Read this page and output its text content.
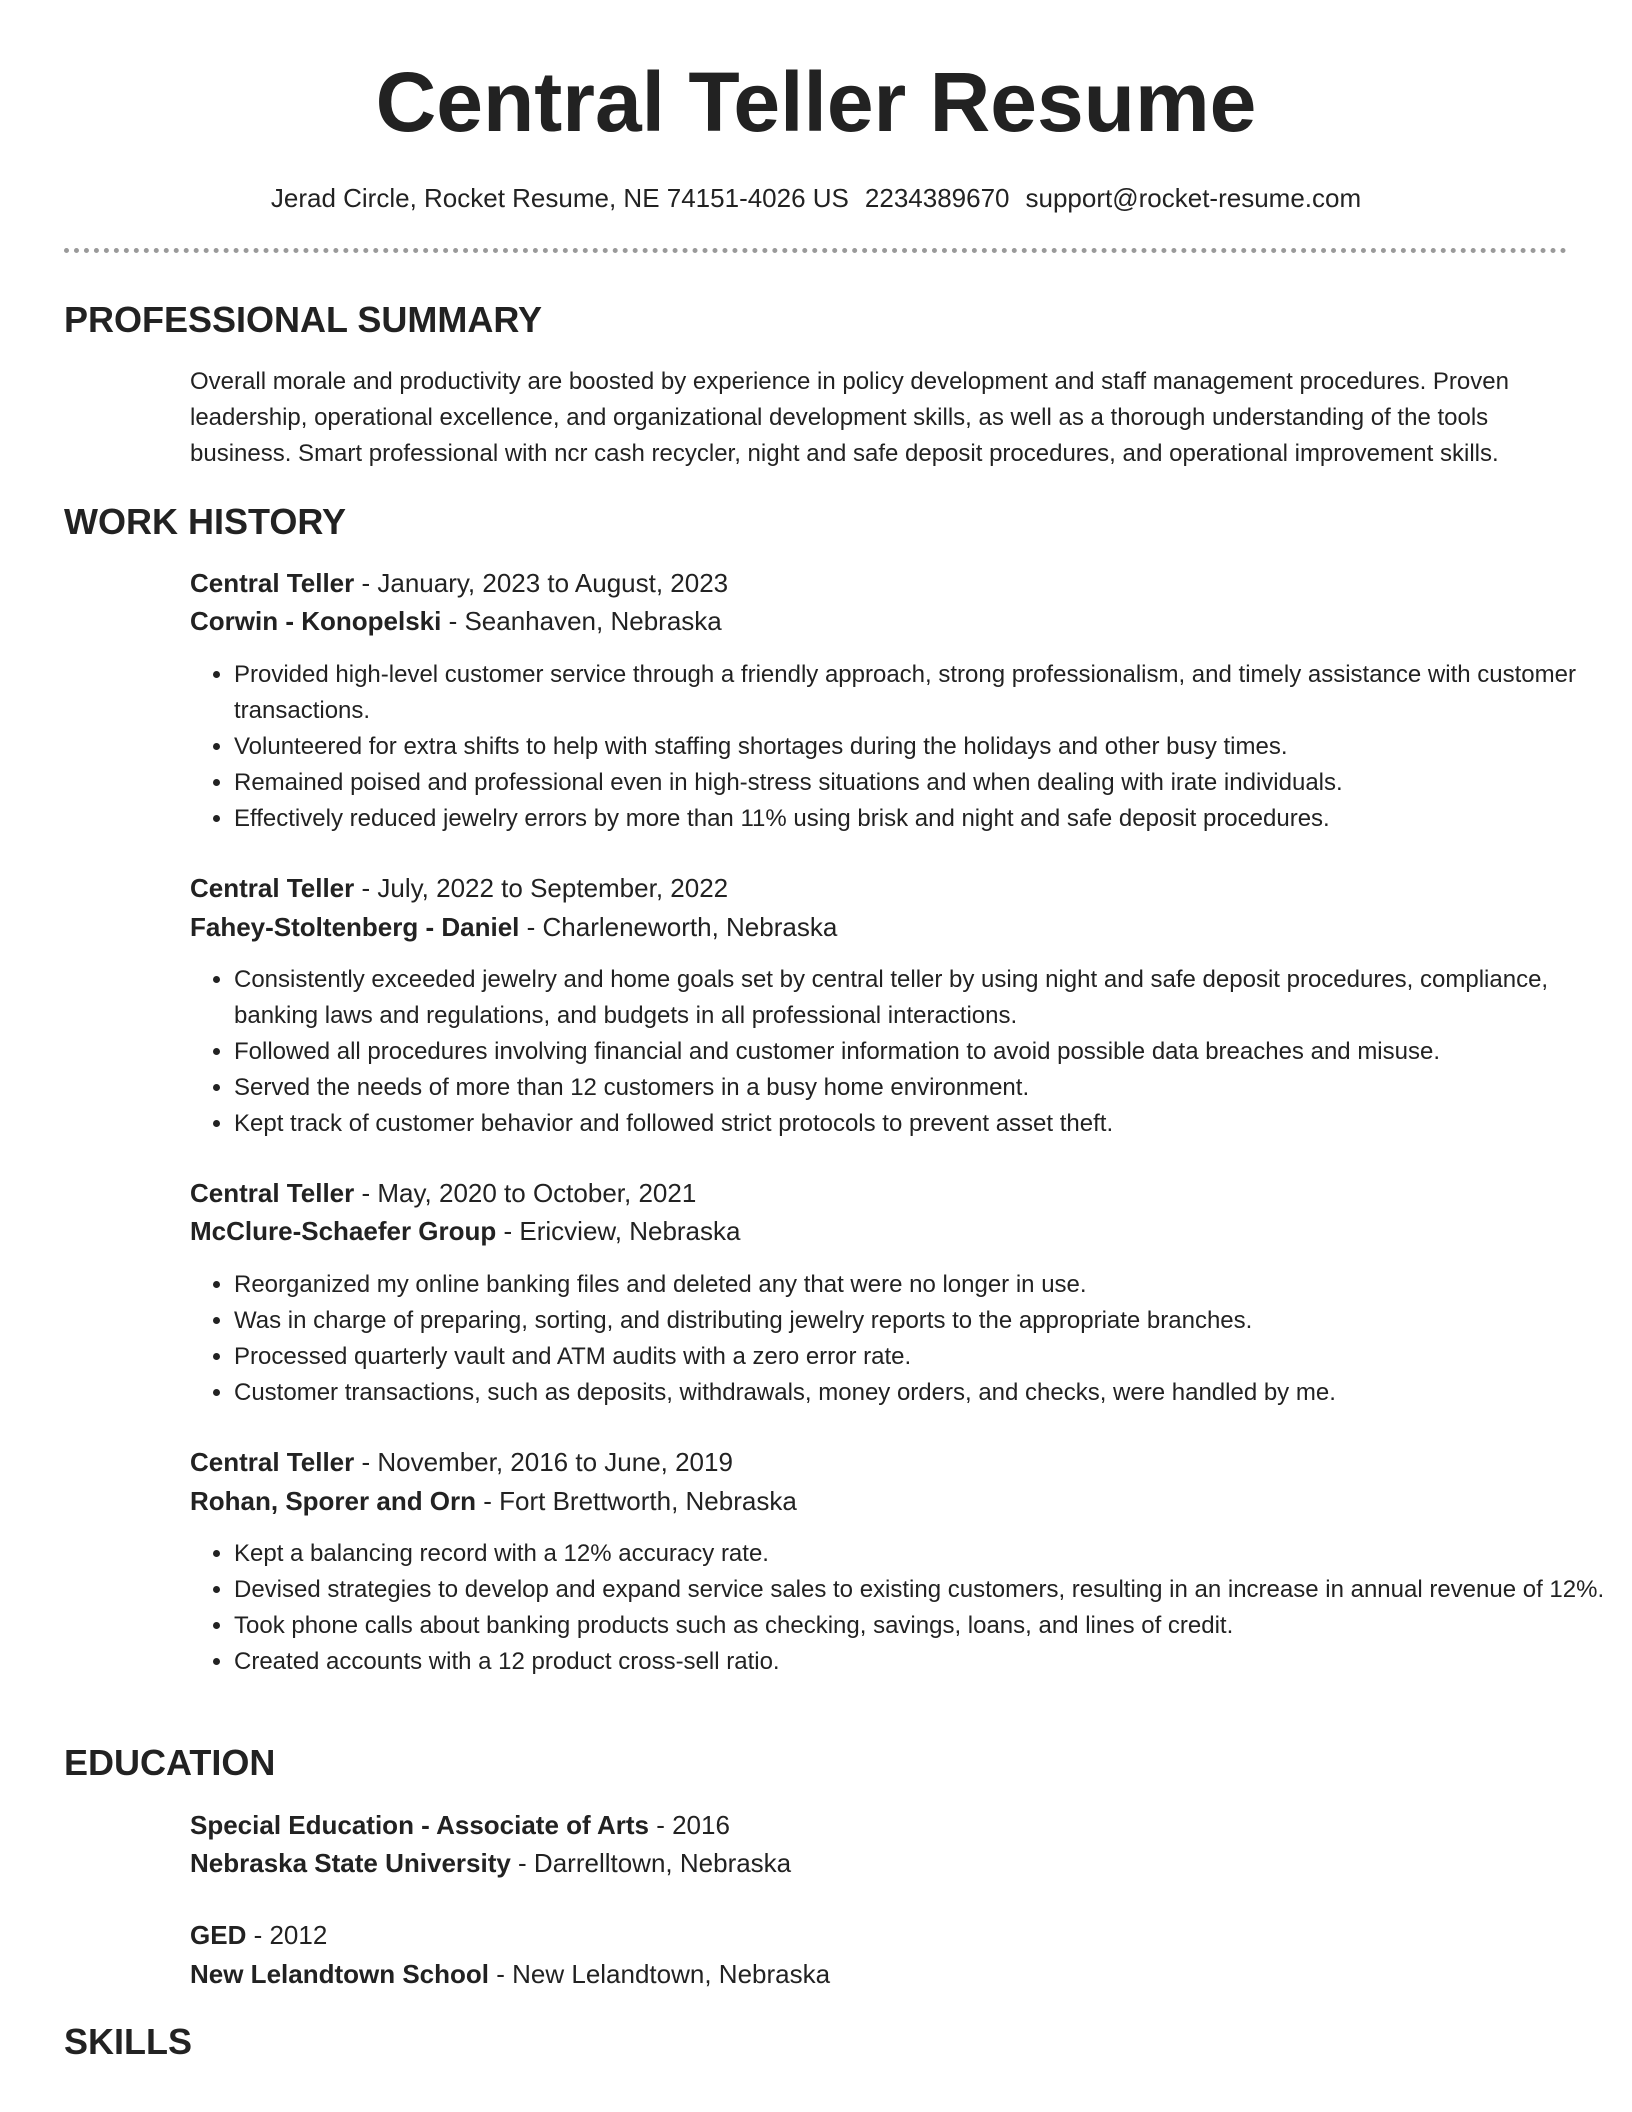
Central Teller Resume
Jerad Circle, Rocket Resume, NE 74151-4026 US 2234389670 support@rocket-resume.com
PROFESSIONAL SUMMARY
Overall morale and productivity are boosted by experience in policy development and staff management procedures. Proven leadership, operational excellence, and organizational development skills, as well as a thorough understanding of the tools business. Smart professional with ncr cash recycler, night and safe deposit procedures, and operational improvement skills.
WORK HISTORY
Central Teller - January, 2023 to August, 2023
Corwin - Konopelski - Seanhaven, Nebraska
• Provided high-level customer service through a friendly approach, strong professionalism, and timely assistance with customer transactions.
• Volunteered for extra shifts to help with staffing shortages during the holidays and other busy times.
• Remained poised and professional even in high-stress situations and when dealing with irate individuals.
• Effectively reduced jewelry errors by more than 11% using brisk and night and safe deposit procedures.
Central Teller - July, 2022 to September, 2022
Fahey-Stoltenberg - Daniel - Charleneworth, Nebraska
• Consistently exceeded jewelry and home goals set by central teller by using night and safe deposit procedures, compliance, banking laws and regulations, and budgets in all professional interactions.
• Followed all procedures involving financial and customer information to avoid possible data breaches and misuse.
• Served the needs of more than 12 customers in a busy home environment.
• Kept track of customer behavior and followed strict protocols to prevent asset theft.
Central Teller - May, 2020 to October, 2021
McClure-Schaefer Group - Ericview, Nebraska
• Reorganized my online banking files and deleted any that were no longer in use.
• Was in charge of preparing, sorting, and distributing jewelry reports to the appropriate branches.
• Processed quarterly vault and ATM audits with a zero error rate.
• Customer transactions, such as deposits, withdrawals, money orders, and checks, were handled by me.
Central Teller - November, 2016 to June, 2019
Rohan, Sporer and Orn - Fort Brettworth, Nebraska
• Kept a balancing record with a 12% accuracy rate.
• Devised strategies to develop and expand service sales to existing customers, resulting in an increase in annual revenue of 12%.
• Took phone calls about banking products such as checking, savings, loans, and lines of credit.
• Created accounts with a 12 product cross-sell ratio.
EDUCATION
Special Education - Associate of Arts - 2016
Nebraska State University - Darrelltown, Nebraska
GED - 2012
New Lelandtown School - New Lelandtown, Nebraska
SKILLS
